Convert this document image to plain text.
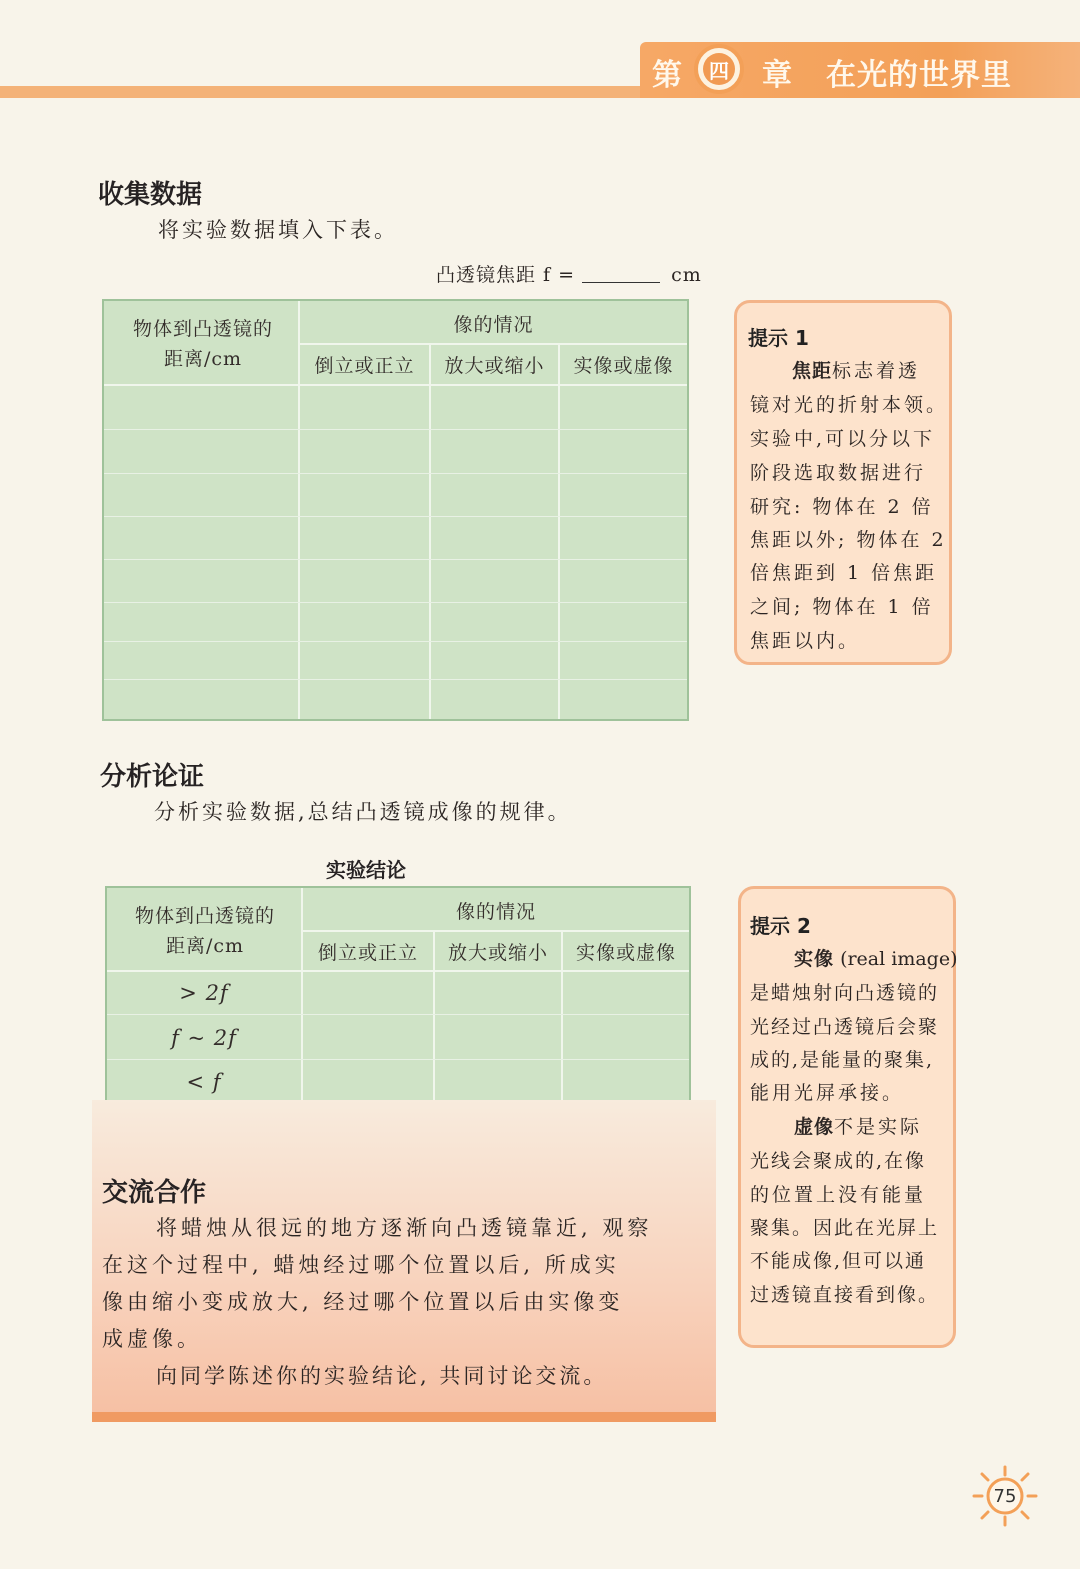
第	四 章 在光的世界里
收集数据
将实验数据填入下表。
凸透镜焦距 f =	cm
物体到凸透镜的距离/cm
像的情况
倒立或正立	放大或缩小	实像或虚像
提示 1
焦距标志着透
镜对光的折射本领。
实验中,可以分以下
阶段选取数据进行
研究: 物体在 2 倍
焦距以外; 物体在 2
倍焦距到 1 倍焦距
之间; 物体在 1 倍
焦距以内。
分析论证
分析实验数据,总结凸透镜成像的规律。
实验结论
物体到凸透镜的距离/cm
像的情况
倒立或正立	放大或缩小	实像或虚像
> 2f
f ~ 2f
< f
提示 2
实像 (real image)
是蜡烛射向凸透镜的
光经过凸透镜后会聚
成的,是能量的聚集,
能用光屏承接。
虚像不是实际
光线会聚成的,在像
的位置上没有能量
聚集。因此在光屏上
不能成像,但可以通
过透镜直接看到像。
交流合作
将蜡烛从很远的地方逐渐向凸透镜靠近, 观察
在这个过程中, 蜡烛经过哪个位置以后, 所成实
像由缩小变成放大, 经过哪个位置以后由实像变
成虚像。
向同学陈述你的实验结论, 共同讨论交流。
75
